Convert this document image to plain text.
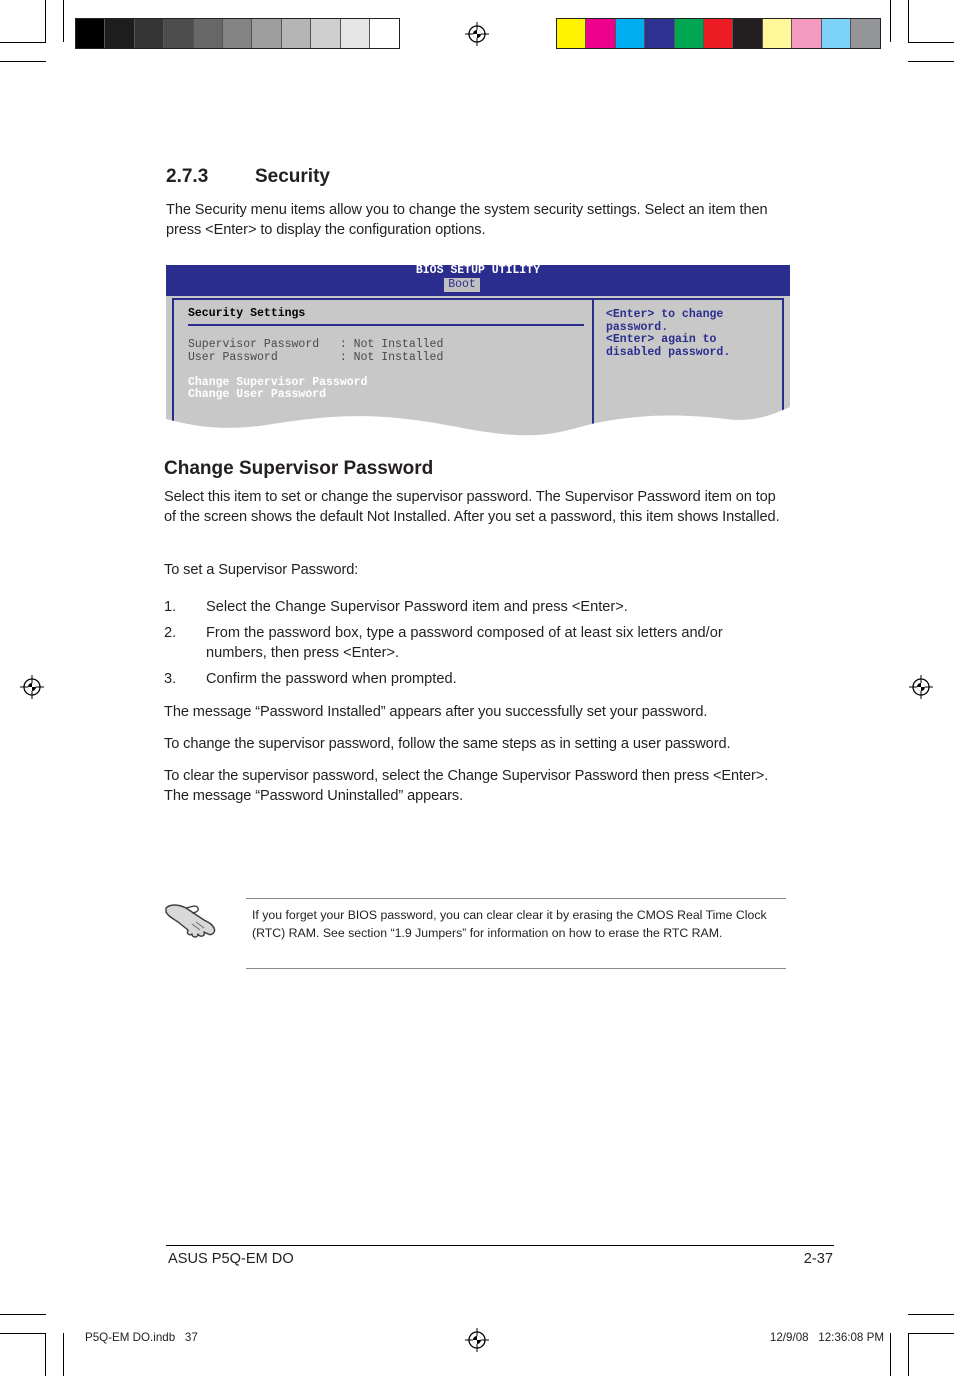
2.7.3	Security

The Security menu items allow you to change the system security settings. Select an item then press <Enter> to display the configuration options.

BIOS SETUP UTILITY
Boot
Security Settings
Supervisor Password   : Not Installed
User Password         : Not Installed
Change Supervisor Password
Change User Password
<Enter> to change
password.
<Enter> again to
disabled password.
Change Supervisor Password

Select this item to set or change the supervisor password. The Supervisor Password item on top of the screen shows the default Not Installed. After you set a password, this item shows Installed.

To set a Supervisor Password:

1.	Select the Change Supervisor Password item and press <Enter>.
2.	From the password box, type a password composed of at least six letters and/or numbers, then press <Enter>.
3.	Confirm the password when prompted.

The message “Password Installed” appears after you successfully set your password.

To change the supervisor password, follow the same steps as in setting a user password.

To clear the supervisor password, select the Change Supervisor Password then press <Enter>. The message “Password Uninstalled” appears.

If you forget your BIOS password, you can clear clear it by erasing the CMOS Real Time Clock (RTC) RAM. See section “1.9 Jumpers” for information on how to erase the RTC RAM.

ASUS P5Q-EM DO	2-37
P5Q-EM DO.indb   37	12/9/08   12:36:08 PM
